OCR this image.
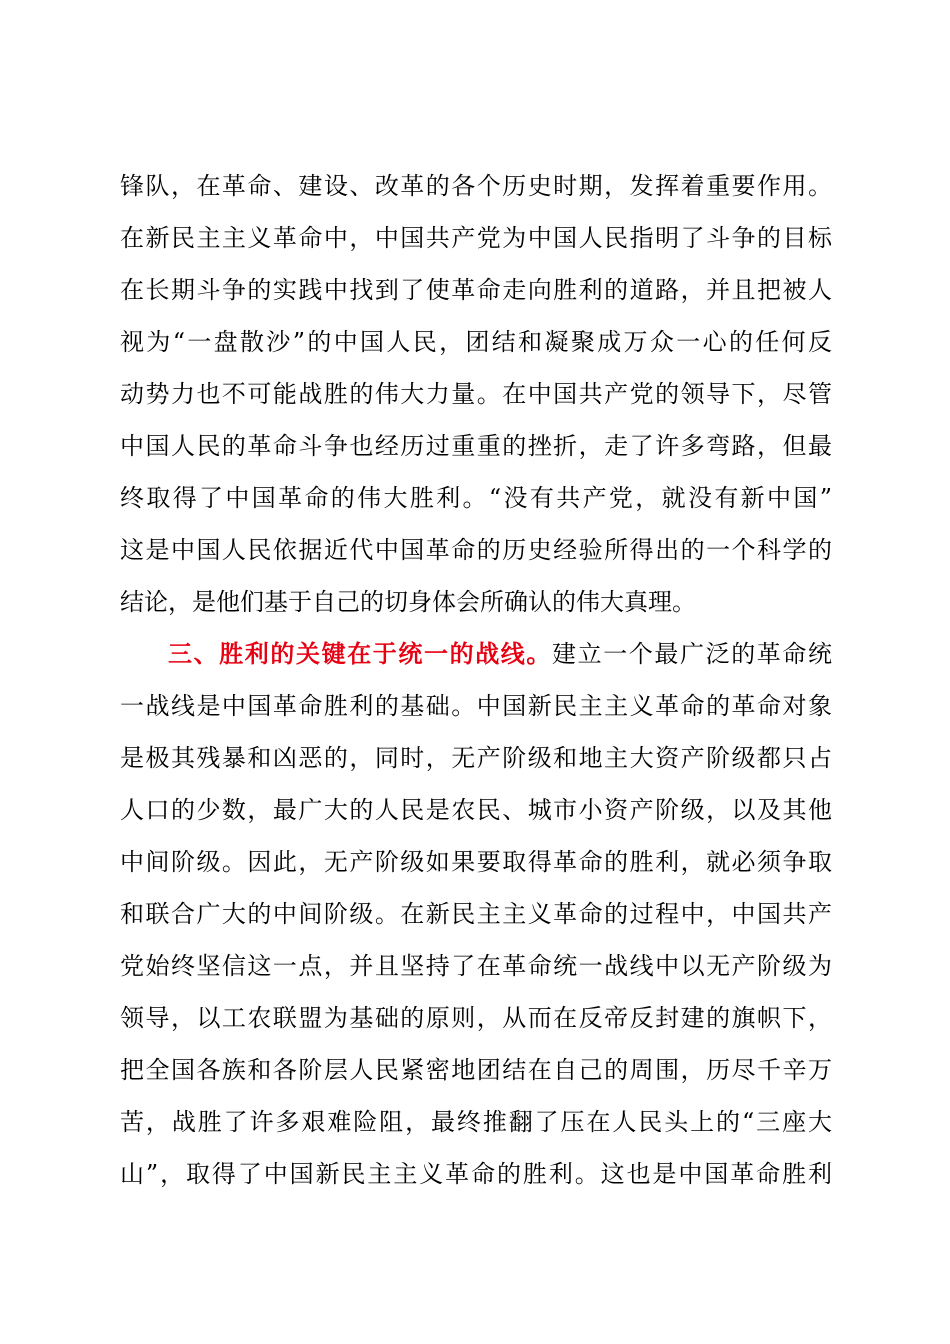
锋队，在革命、建设、改革的各个历史时期，发挥着重要作用。
在新民主主义革命中，中国共产党为中国人民指明了斗争的目标
在长期斗争的实践中找到了使革命走向胜利的道路，并且把被人
视为“一盘散沙”的中国人民，团结和凝聚成万众一心的任何反
动势力也不可能战胜的伟大力量。在中国共产党的领导下，尽管
中国人民的革命斗争也经历过重重的挫折，走了许多弯路，但最
终取得了中国革命的伟大胜利。“没有共产党，就没有新中国”
这是中国人民依据近代中国革命的历史经验所得出的一个科学的
结论，是他们基于自己的切身体会所确认的伟大真理。
三、胜利的关键在于统一的战线。建立一个最广泛的革命统
一战线是中国革命胜利的基础。中国新民主主义革命的革命对象
是极其残暴和凶恶的，同时，无产阶级和地主大资产阶级都只占
人口的少数，最广大的人民是农民、城市小资产阶级，以及其他
中间阶级。因此，无产阶级如果要取得革命的胜利，就必须争取
和联合广大的中间阶级。在新民主主义革命的过程中，中国共产
党始终坚信这一点，并且坚持了在革命统一战线中以无产阶级为
领导，以工农联盟为基础的原则，从而在反帝反封建的旗帜下，
把全国各族和各阶层人民紧密地团结在自己的周围，历尽千辛万
苦，战胜了许多艰难险阻，最终推翻了压在人民头上的“三座大
山”，取得了中国新民主主义革命的胜利。这也是中国革命胜利
